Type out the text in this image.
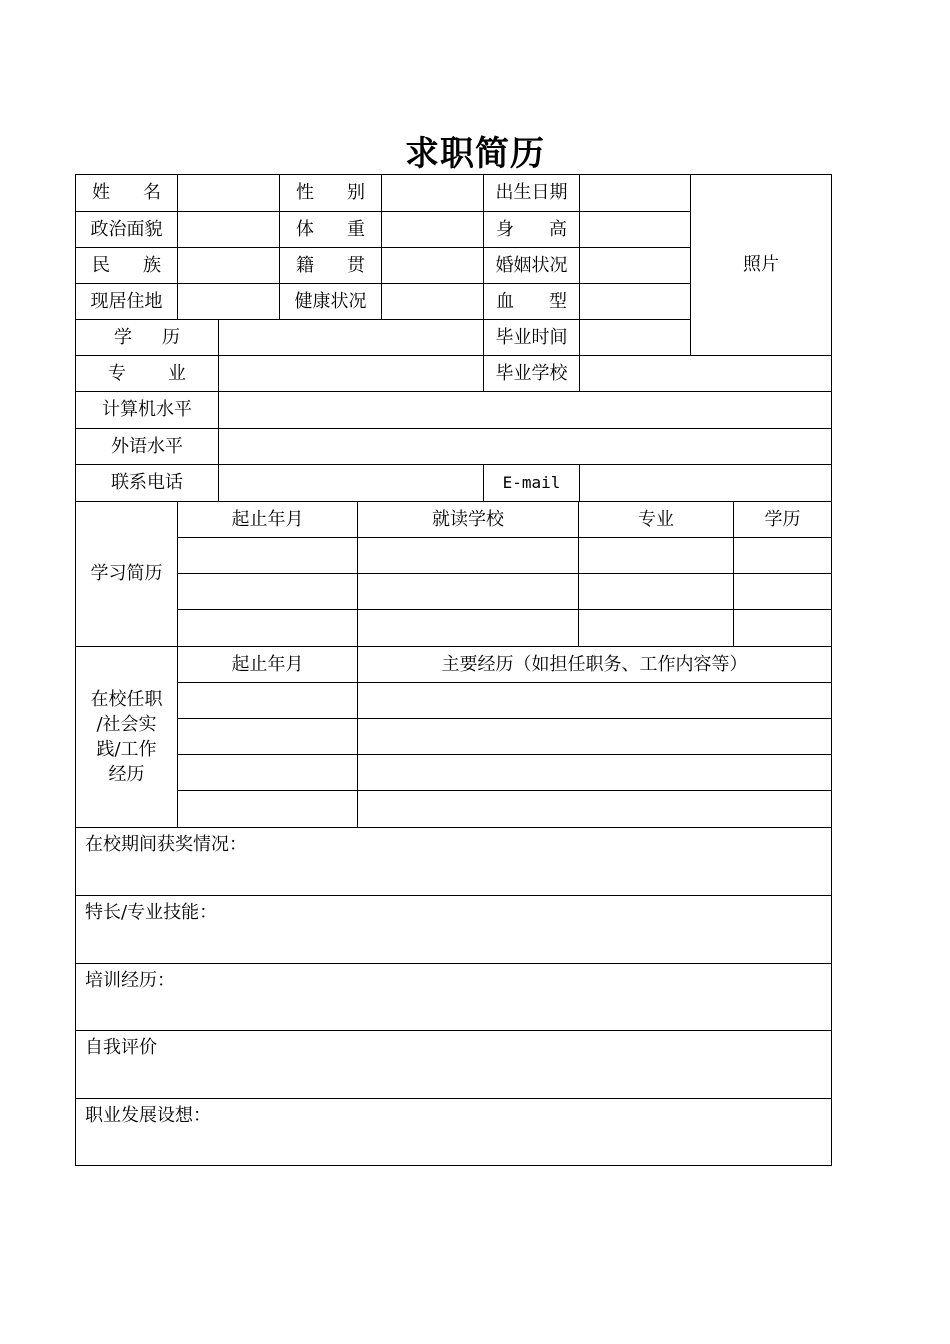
求职简历
姓 名	性 别	出生日期
照片
政治面貌	体 重	身 高
民 族	籍 贯	婚姻状况
现居住地	健康状况	血 型
学 历	毕业时间
专 业	毕业学校
计算机水平
外语水平
联系电话	E-mail
学习简历
起止年月	就读学校	专业	学历
在校任职
/社会实
践/工作
经历
起止年月	主要经历（如担任职务、工作内容等）
在校期间获奖情况：
特长/专业技能：
培训经历：
自我评价
职业发展设想：
